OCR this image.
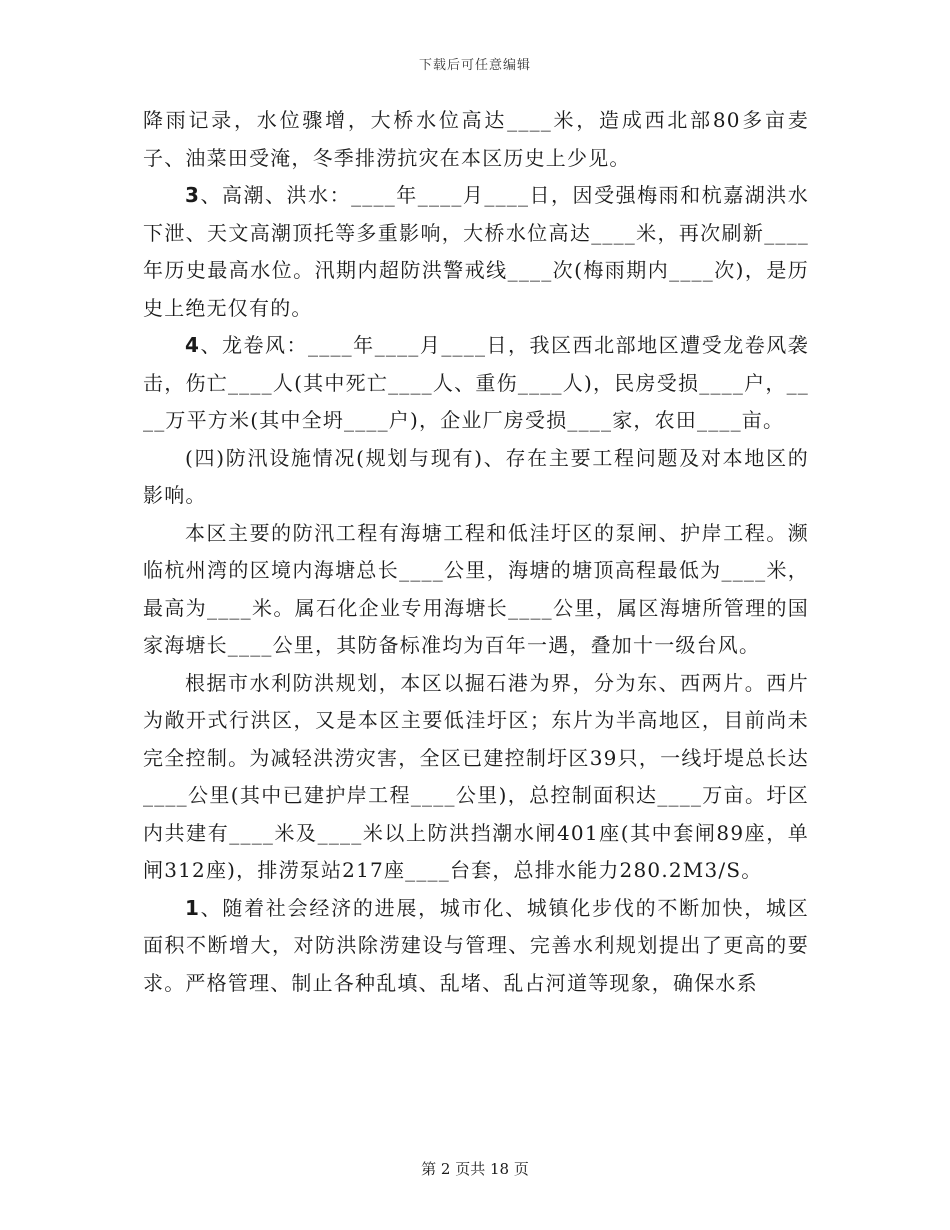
下载后可任意编辑

降雨记录，水位骤增，大桥水位高达____米，造成西北部80多亩麦子、油菜田受淹，冬季排涝抗灾在本区历史上少见。

3、高潮、洪水：____年____月____日，因受强梅雨和杭嘉湖洪水下泄、天文高潮顶托等多重影响，大桥水位高达____米，再次刷新____年历史最高水位。汛期内超防洪警戒线____次(梅雨期内____次)，是历史上绝无仅有的。

4、龙卷风：____年____月____日，我区西北部地区遭受龙卷风袭击，伤亡____人(其中死亡____人、重伤____人)，民房受损____户，____万平方米(其中全坍____户)，企业厂房受损____家，农田____亩。

(四)防汛设施情况(规划与现有)、存在主要工程问题及对本地区的影响。

本区主要的防汛工程有海塘工程和低洼圩区的泵闸、护岸工程。濒临杭州湾的区境内海塘总长____公里，海塘的塘顶高程最低为____米，最高为____米。属石化企业专用海塘长____公里，属区海塘所管理的国家海塘长____公里，其防备标准均为百年一遇，叠加十一级台风。

根据市水利防洪规划，本区以掘石港为界，分为东、西两片。西片为敞开式行洪区，又是本区主要低洼圩区；东片为半高地区，目前尚未完全控制。为减轻洪涝灾害，全区已建控制圩区39只，一线圩堤总长达____公里(其中已建护岸工程____公里)，总控制面积达____万亩。圩区内共建有____米及____米以上防洪挡潮水闸401座(其中套闸89座，单闸312座)，排涝泵站217座____台套，总排水能力280.2M3/S。

1、随着社会经济的进展，城市化、城镇化步伐的不断加快，城区面积不断增大，对防洪除涝建设与管理、完善水利规划提出了更高的要求。严格管理、制止各种乱填、乱堵、乱占河道等现象，确保水系

第 2 页共 18 页
